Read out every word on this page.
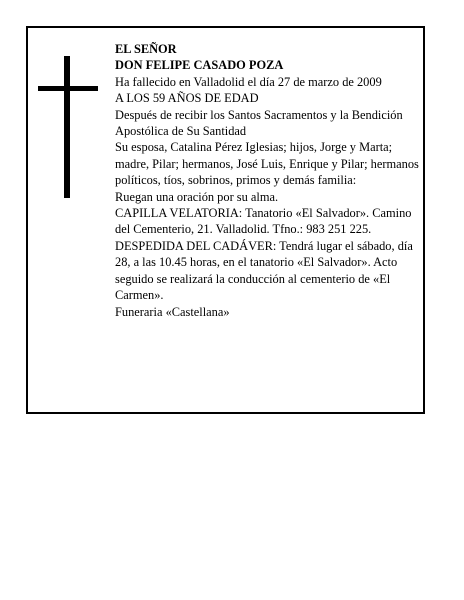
EL SEÑOR

DON FELIPE CASADO POZA

Ha fallecido en Valladolid el día 27 de marzo de 2009

A LOS 59 AÑOS DE EDAD

Después de recibir los Santos Sacramentos y la Bendición Apostólica de Su Santidad

Su esposa, Catalina Pérez Iglesias; hijos, Jorge y Marta; madre, Pilar; hermanos, José Luis, Enrique y Pilar; hermanos políticos, tíos, sobrinos, primos y demás familia:

Ruegan una oración por su alma.

CAPILLA VELATORIA: Tanatorio «El Salvador». Camino del Cementerio, 21. Valladolid. Tfno.: 983 251 225.

DESPEDIDA DEL CADÁVER: Tendrá lugar el sábado, día 28, a las 10.45 horas, en el tanatorio «El Salvador». Acto seguido se realizará la conducción al cementerio de «El Carmen».

Funeraria «Castellana»
